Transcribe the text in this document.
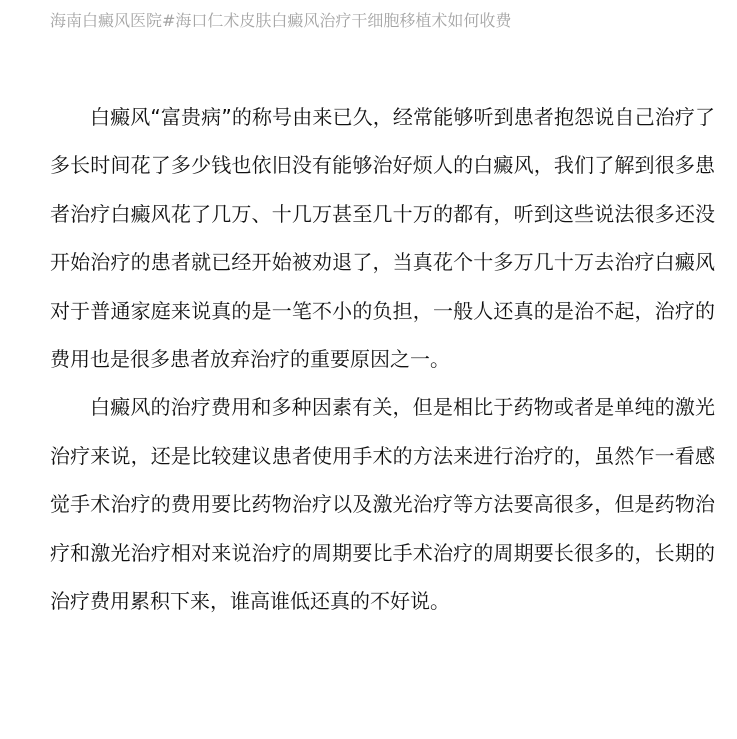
海南白癜风医院#海口仁术皮肤白癜风治疗干细胞移植术如何收费

白癜风“富贵病”的称号由来已久，经常能够听到患者抱怨说自己治疗了多长时间花了多少钱也依旧没有能够治好烦人的白癜风，我们了解到很多患者治疗白癜风花了几万、十几万甚至几十万的都有，听到这些说法很多还没开始治疗的患者就已经开始被劝退了，当真花个十多万几十万去治疗白癜风对于普通家庭来说真的是一笔不小的负担，一般人还真的是治不起，治疗的费用也是很多患者放弃治疗的重要原因之一。

白癜风的治疗费用和多种因素有关，但是相比于药物或者是单纯的激光治疗来说，还是比较建议患者使用手术的方法来进行治疗的，虽然乍一看感觉手术治疗的费用要比药物治疗以及激光治疗等方法要高很多，但是药物治疗和激光治疗相对来说治疗的周期要比手术治疗的周期要长很多的，长期的治疗费用累积下来，谁高谁低还真的不好说。
